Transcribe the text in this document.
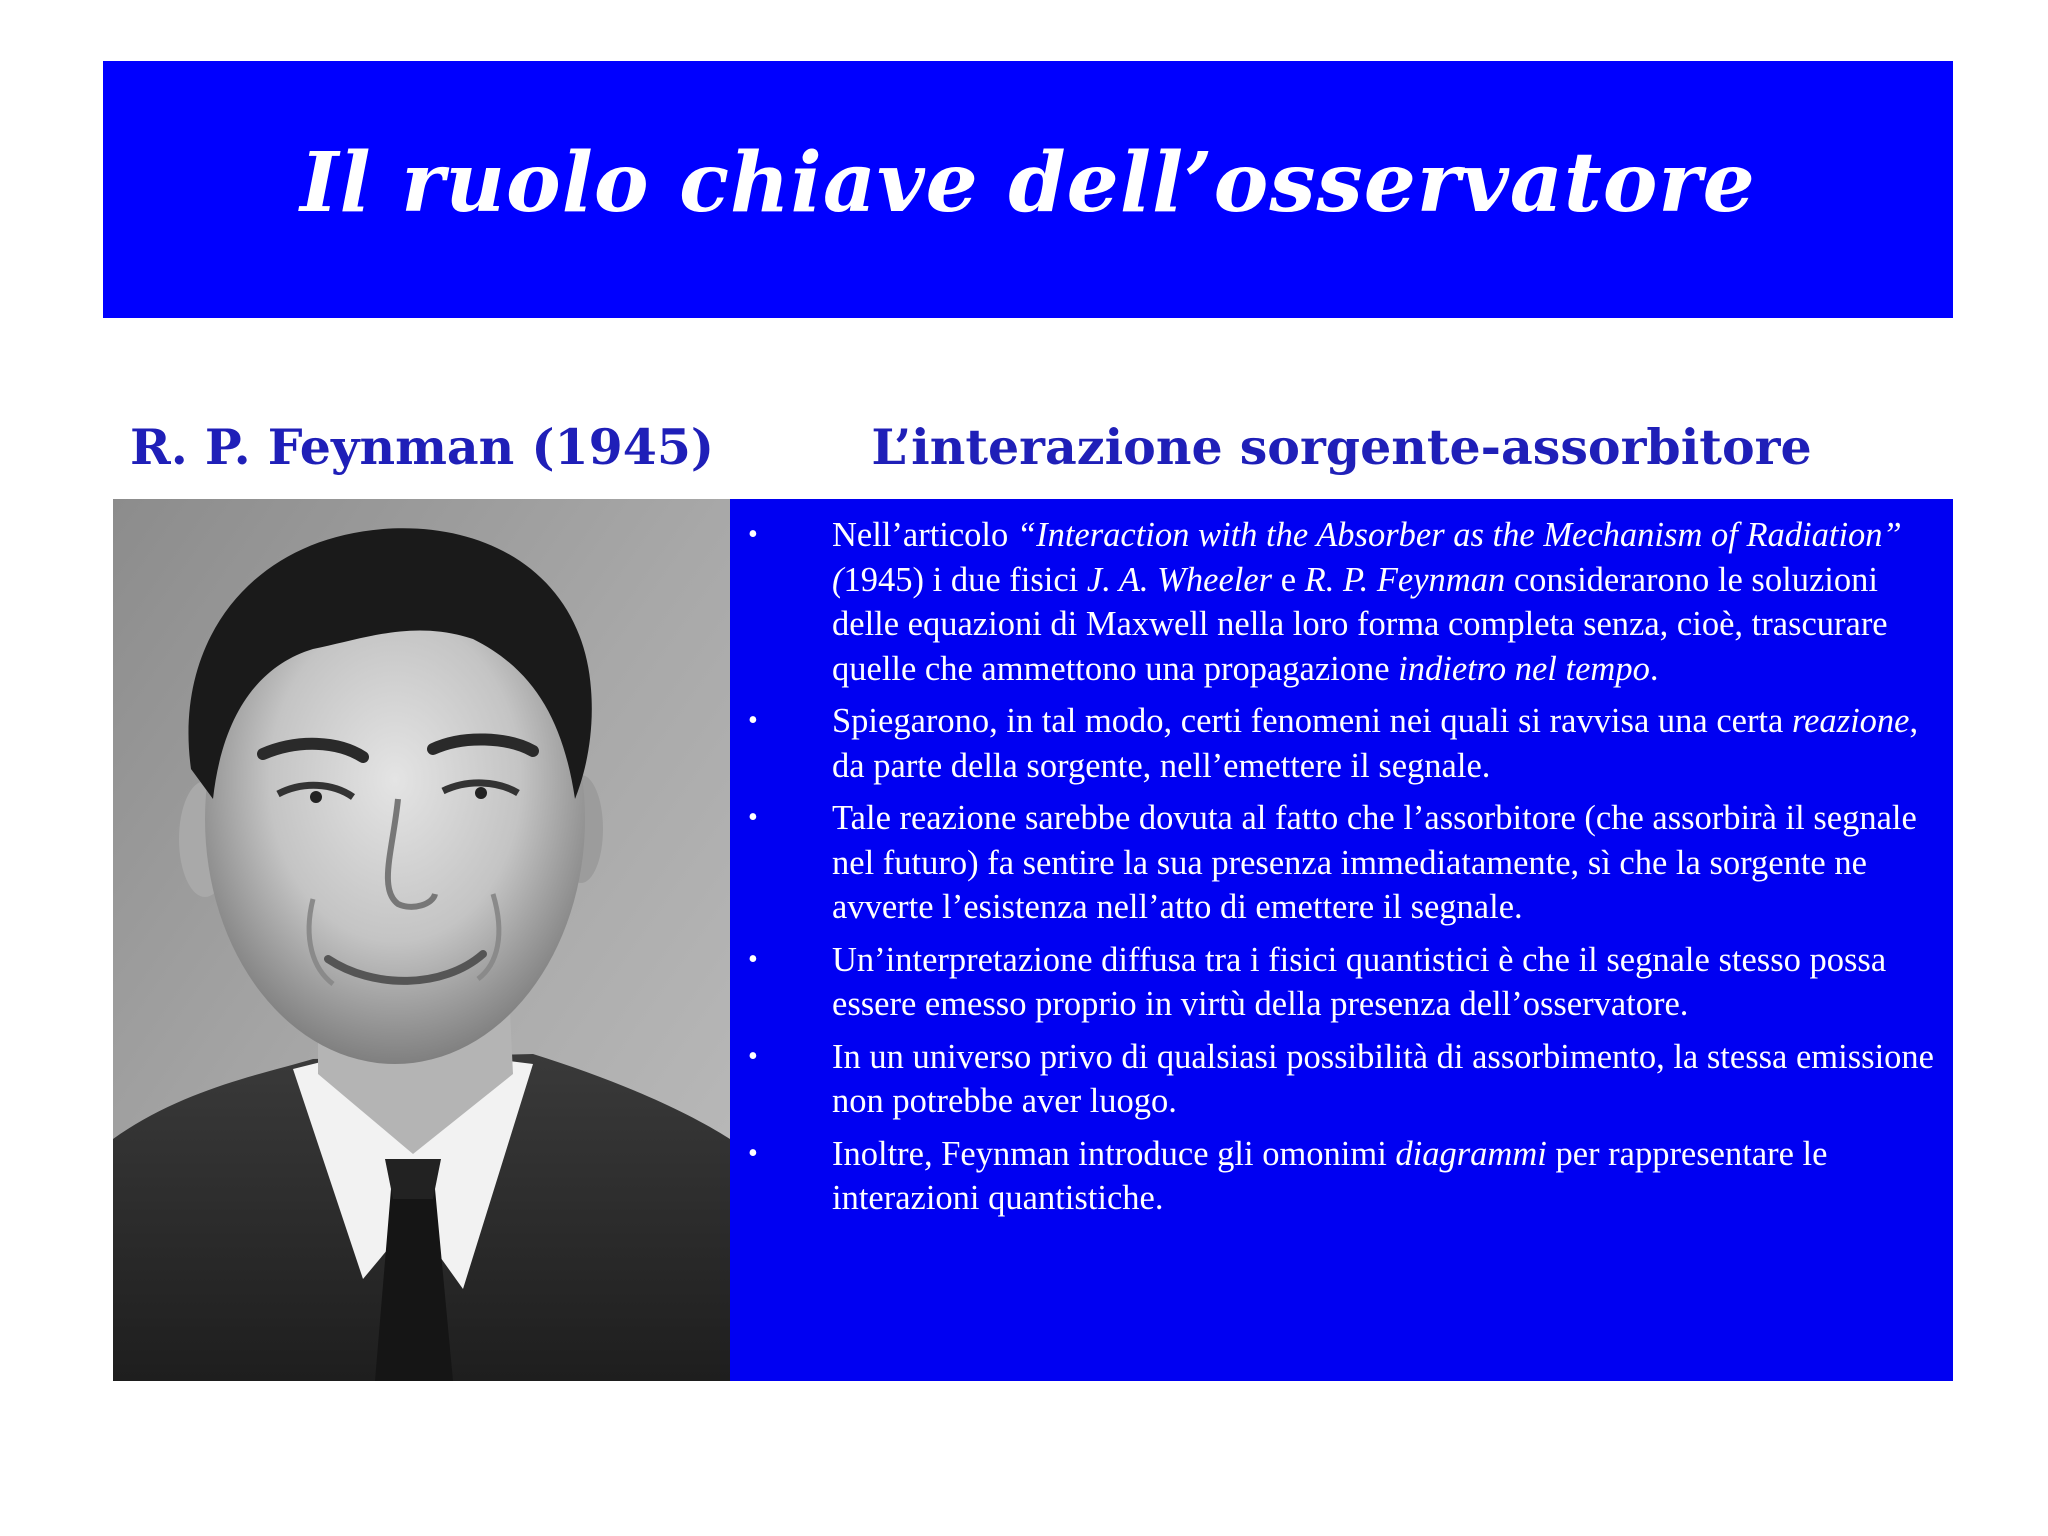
Il ruolo chiave dell’osservatore
R. P. Feynman (1945)	L’interazione sorgente-assorbitore
• Nell’articolo “Interaction with the Absorber as the Mechanism of Radiation” (1945) i due fisici J. A. Wheeler e R. P. Feynman considerarono le soluzioni delle equazioni di Maxwell nella loro forma completa senza, cioè, trascurare quelle che ammettono una propagazione indietro nel tempo.
• Spiegarono, in tal modo, certi fenomeni nei quali si ravvisa una certa reazione, da parte della sorgente, nell’emettere il segnale.
• Tale reazione sarebbe dovuta al fatto che l’assorbitore (che assorbirà il segnale nel futuro) fa sentire la sua presenza immediatamente, sì che la sorgente ne avverte l’esistenza nell’atto di emettere il segnale.
• Un’interpretazione diffusa tra i fisici quantistici è che il segnale stesso possa essere emesso proprio in virtù della presenza dell’osservatore.
• In un universo privo di qualsiasi possibilità di assorbimento, la stessa emissione non potrebbe aver luogo.
• Inoltre, Feynman introduce gli omonimi diagrammi per rappresentare le interazioni quantistiche.
